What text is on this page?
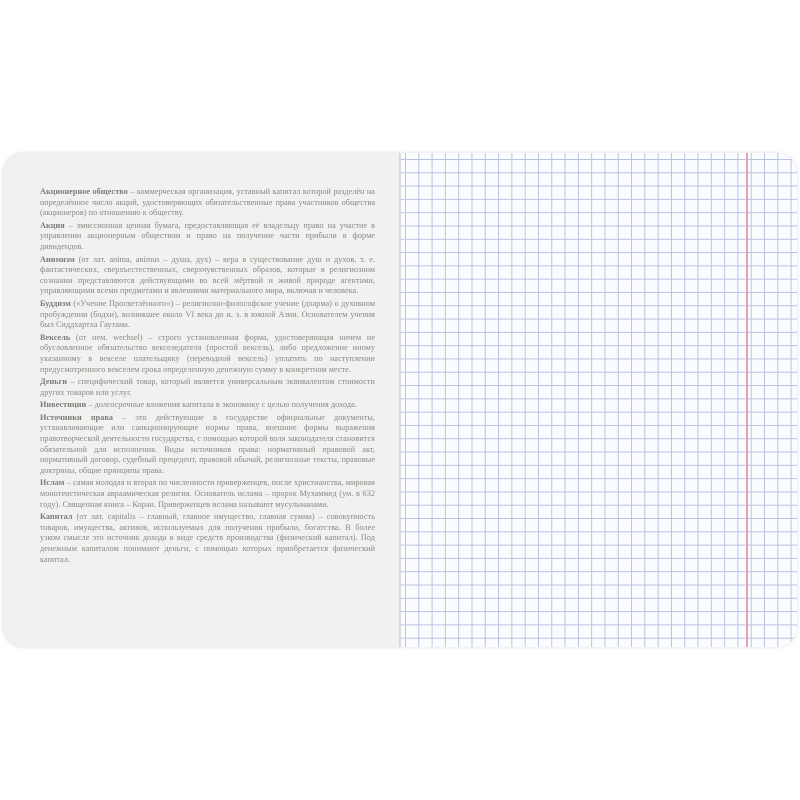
Акционерное общество – коммерческая организация, уставный капитал которой разделён на определённое число акций, удостоверяющих обязательственные права участников общества (акционеров) по отношению к обществу.
Акция – эмиссионная ценная бумага, предоставляющая её владельцу право на участие в управлении акционерным обществом и право на получение части прибыли в форме дивидендов.
Анимизм (от лат. anima, animus – душа, дух) – вера в существование душ и духов, т. е. фантастических, сверхъестественных, сверхчувственных образов, которые в религиозном сознании представляются действующими во всей мёртвой и живой природе агентами, управляющими всеми предметами и явлениями материального мира, включая и человека.
Буддизм («Учение Просветлённого») – религиозно-философское учение (дхарма) о духовном пробуждении (бодхи), возникшее около VI века до н. э. в южной Азии. Основателем учения был Сиддхартха Гаутама.
Вексель (от нем. wechsel) – строго установленная форма, удостоверяющая ничем не обусловленное обязательство векселедателя (простой вексель), либо предложение иному указанному в векселе плательщику (переводной вексель) уплатить по наступлении предусмотренного векселем срока определенную денежную сумму в конкретном месте.
Деньги – специфический товар, который является универсальным эквивалентом стоимости других товаров или услуг.
Инвестиции – долгосрочные вложения капитала в экономику с целью получения дохода.
Источники права – это действующие в государстве официальные документы, устанавливающие или санкционирующие нормы права, внешние формы выражения правотворческой деятельности государства, с помощью которой воля законодателя становится обязательной для исполнения. Виды источников права: нормативный правовой акт, нормативный договор, судебный прецедент, правовой обычай, религиозные тексты, правовые доктрины, общие принципы права.
Ислам – самая молодая и вторая по численности приверженцев, после христианства, мировая монотеистическая авраамическая религия. Основатель ислама – пророк Мухаммед (ум. в 632 году). Священная книга – Коран. Приверженцев ислама называют мусульманами.
Капитал (от лат. capitalis – главный, главное имущество, главная сумма) – совокупность товаров, имущества, активов, используемых для получения прибыли, богатства. В более узком смысле это источник дохода в виде средств производства (физический капитал). Под денежным капиталом понимают деньги, с помощью которых приобретается физический капитал.
